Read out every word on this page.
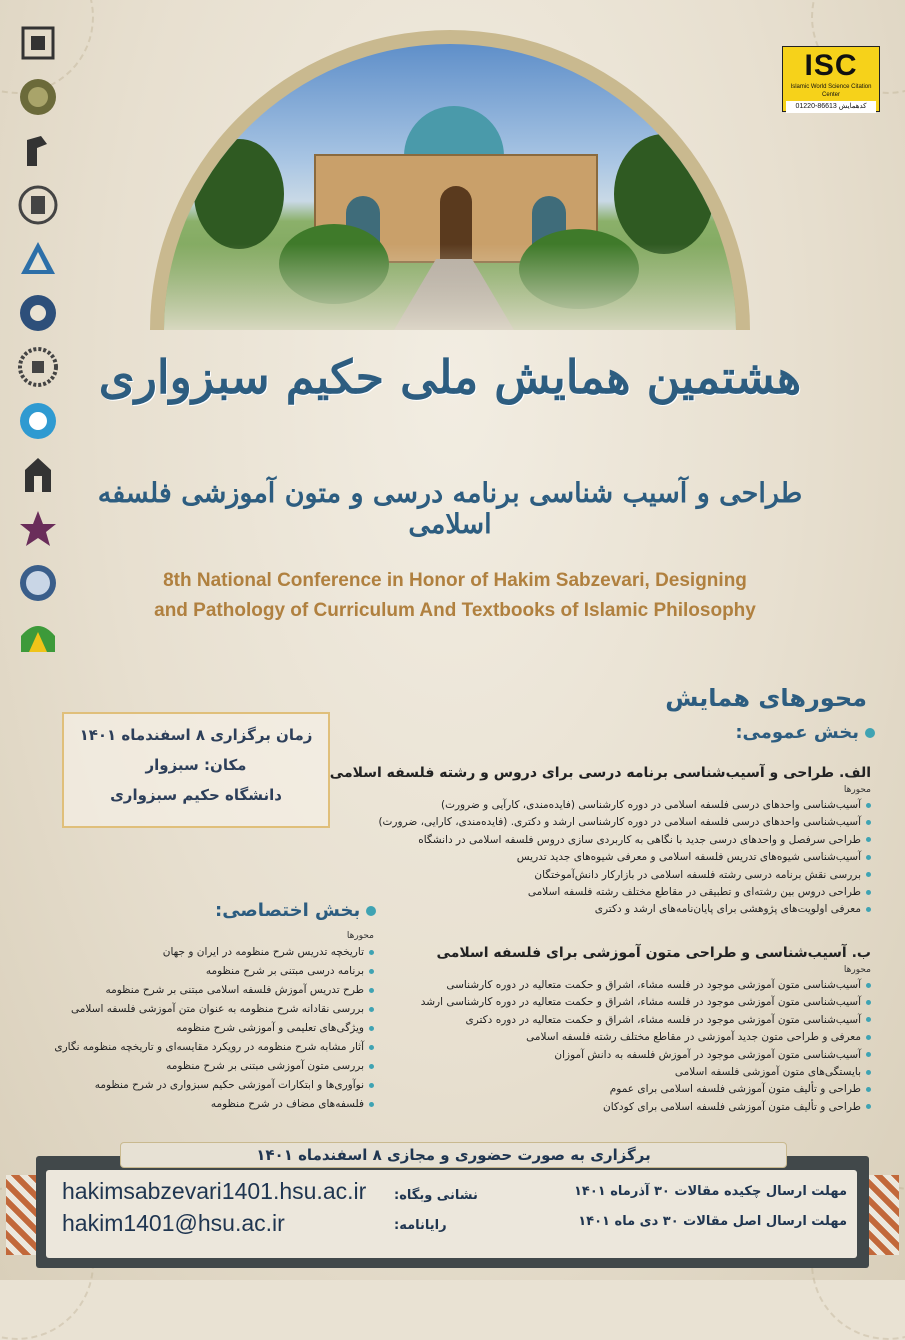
ISC
Islamic World Science Citation Center
کدهمایش 86613-01220
هشتمین همایش ملی حکیم سبزواری
طراحی و آسیب شناسی برنامه درسی و متون آموزشی فلسفه اسلامی
8th National Conference in Honor of Hakim Sabzevari, Designing
and Pathology of Curriculum And Textbooks of Islamic Philosophy
محورهای همایش
زمان برگزاری ۸ اسفندماه ۱۴۰۱
مکان: سبزوار
دانشگاه حکیم سبزواری
بخش عمومی:
الف. طراحی و آسیب‌شناسی برنامه درسی برای دروس و رشته فلسفه اسلامی
محورها
آسیب‌شناسی واحدهای درسی فلسفه اسلامی در دوره کارشناسی (فایده‌مندی، کارآیی و ضرورت)
آسیب‌شناسی واحدهای درسی فلسفه اسلامی در دوره کارشناسی ارشد و دکتری. (فایده‌مندی، کارایی، ضرورت)
طراحی سرفصل و واحدهای درسی جدید با نگاهی به کاربردی سازی دروس فلسفه اسلامی در دانشگاه
آسیب‌شناسی شیوه‌های تدریس فلسفه اسلامی و معرفی شیوه‌های جدید تدریس
بررسی نقش برنامه درسی رشته فلسفه اسلامی در بازارکار دانش‌آموختگان
طراحی دروس بین رشته‌ای و تطبیقی در مقاطع مختلف رشته فلسفه اسلامی
معرفی اولویت‌های پژوهشی برای پایان‌نامه‌های ارشد و دکتری
ب. آسیب‌شناسی و طراحی متون آموزشی برای فلسفه اسلامی
محورها
آسیب‌شناسی متون آموزشی موجود در فلسه مشاء، اشراق و حکمت متعالیه در دوره کارشناسی
آسیب‌شناسی متون آموزشی موجود در فلسه مشاء، اشراق و حکمت متعالیه در دوره کارشناسی ارشد
آسیب‌شناسی متون آموزشی موجود در فلسه مشاء، اشراق و حکمت متعالیه در دوره دکتری
معرفی و طراحی متون جدید آموزشی در مقاطع مختلف رشته فلسفه اسلامی
آسیب‌شناسی متون آموزشی موجود در آموزش فلسفه به دانش آموزان
بایستگی‌های متون آموزشی فلسفه اسلامی
طراحی و تألیف متون آموزشی فلسفه اسلامی برای عموم
طراحی و تألیف متون آموزشی فلسفه اسلامی برای کودکان
بخش اختصاصی:
محورها
تاریخچه تدریس شرح منظومه در ایران و جهان
برنامه درسی مبتنی بر شرح منظومه
طرح تدریس آموزش فلسفه اسلامی مبتنی بر شرح منظومه
بررسی نقادانه شرح منظومه به عنوان متن آموزشی فلسفه اسلامی
ویژگی‌های تعلیمی و آموزشی شرح منظومه
آثار مشابه شرح منظومه در رویکرد مقایسه‌ای و تاریخچه منظومه نگاری
بررسی متون آموزشی مبتنی بر شرح منظومه
نوآوری‌ها و ابتکارات آموزشی حکیم سبزواری در شرح منظومه
فلسفه‌های مضاف در شرح منظومه
برگزاری به صورت حضوری و مجازی ۸ اسفندماه ۱۴۰۱
hakimsabzevari1401.hsu.ac.ir
hakim1401@hsu.ac.ir
نشانی وبگاه:
رایانامه:
مهلت ارسال چکیده مقالات ۳۰ آذرماه ۱۴۰۱
مهلت ارسال اصل مقالات ۳۰ دی ماه ۱۴۰۱
